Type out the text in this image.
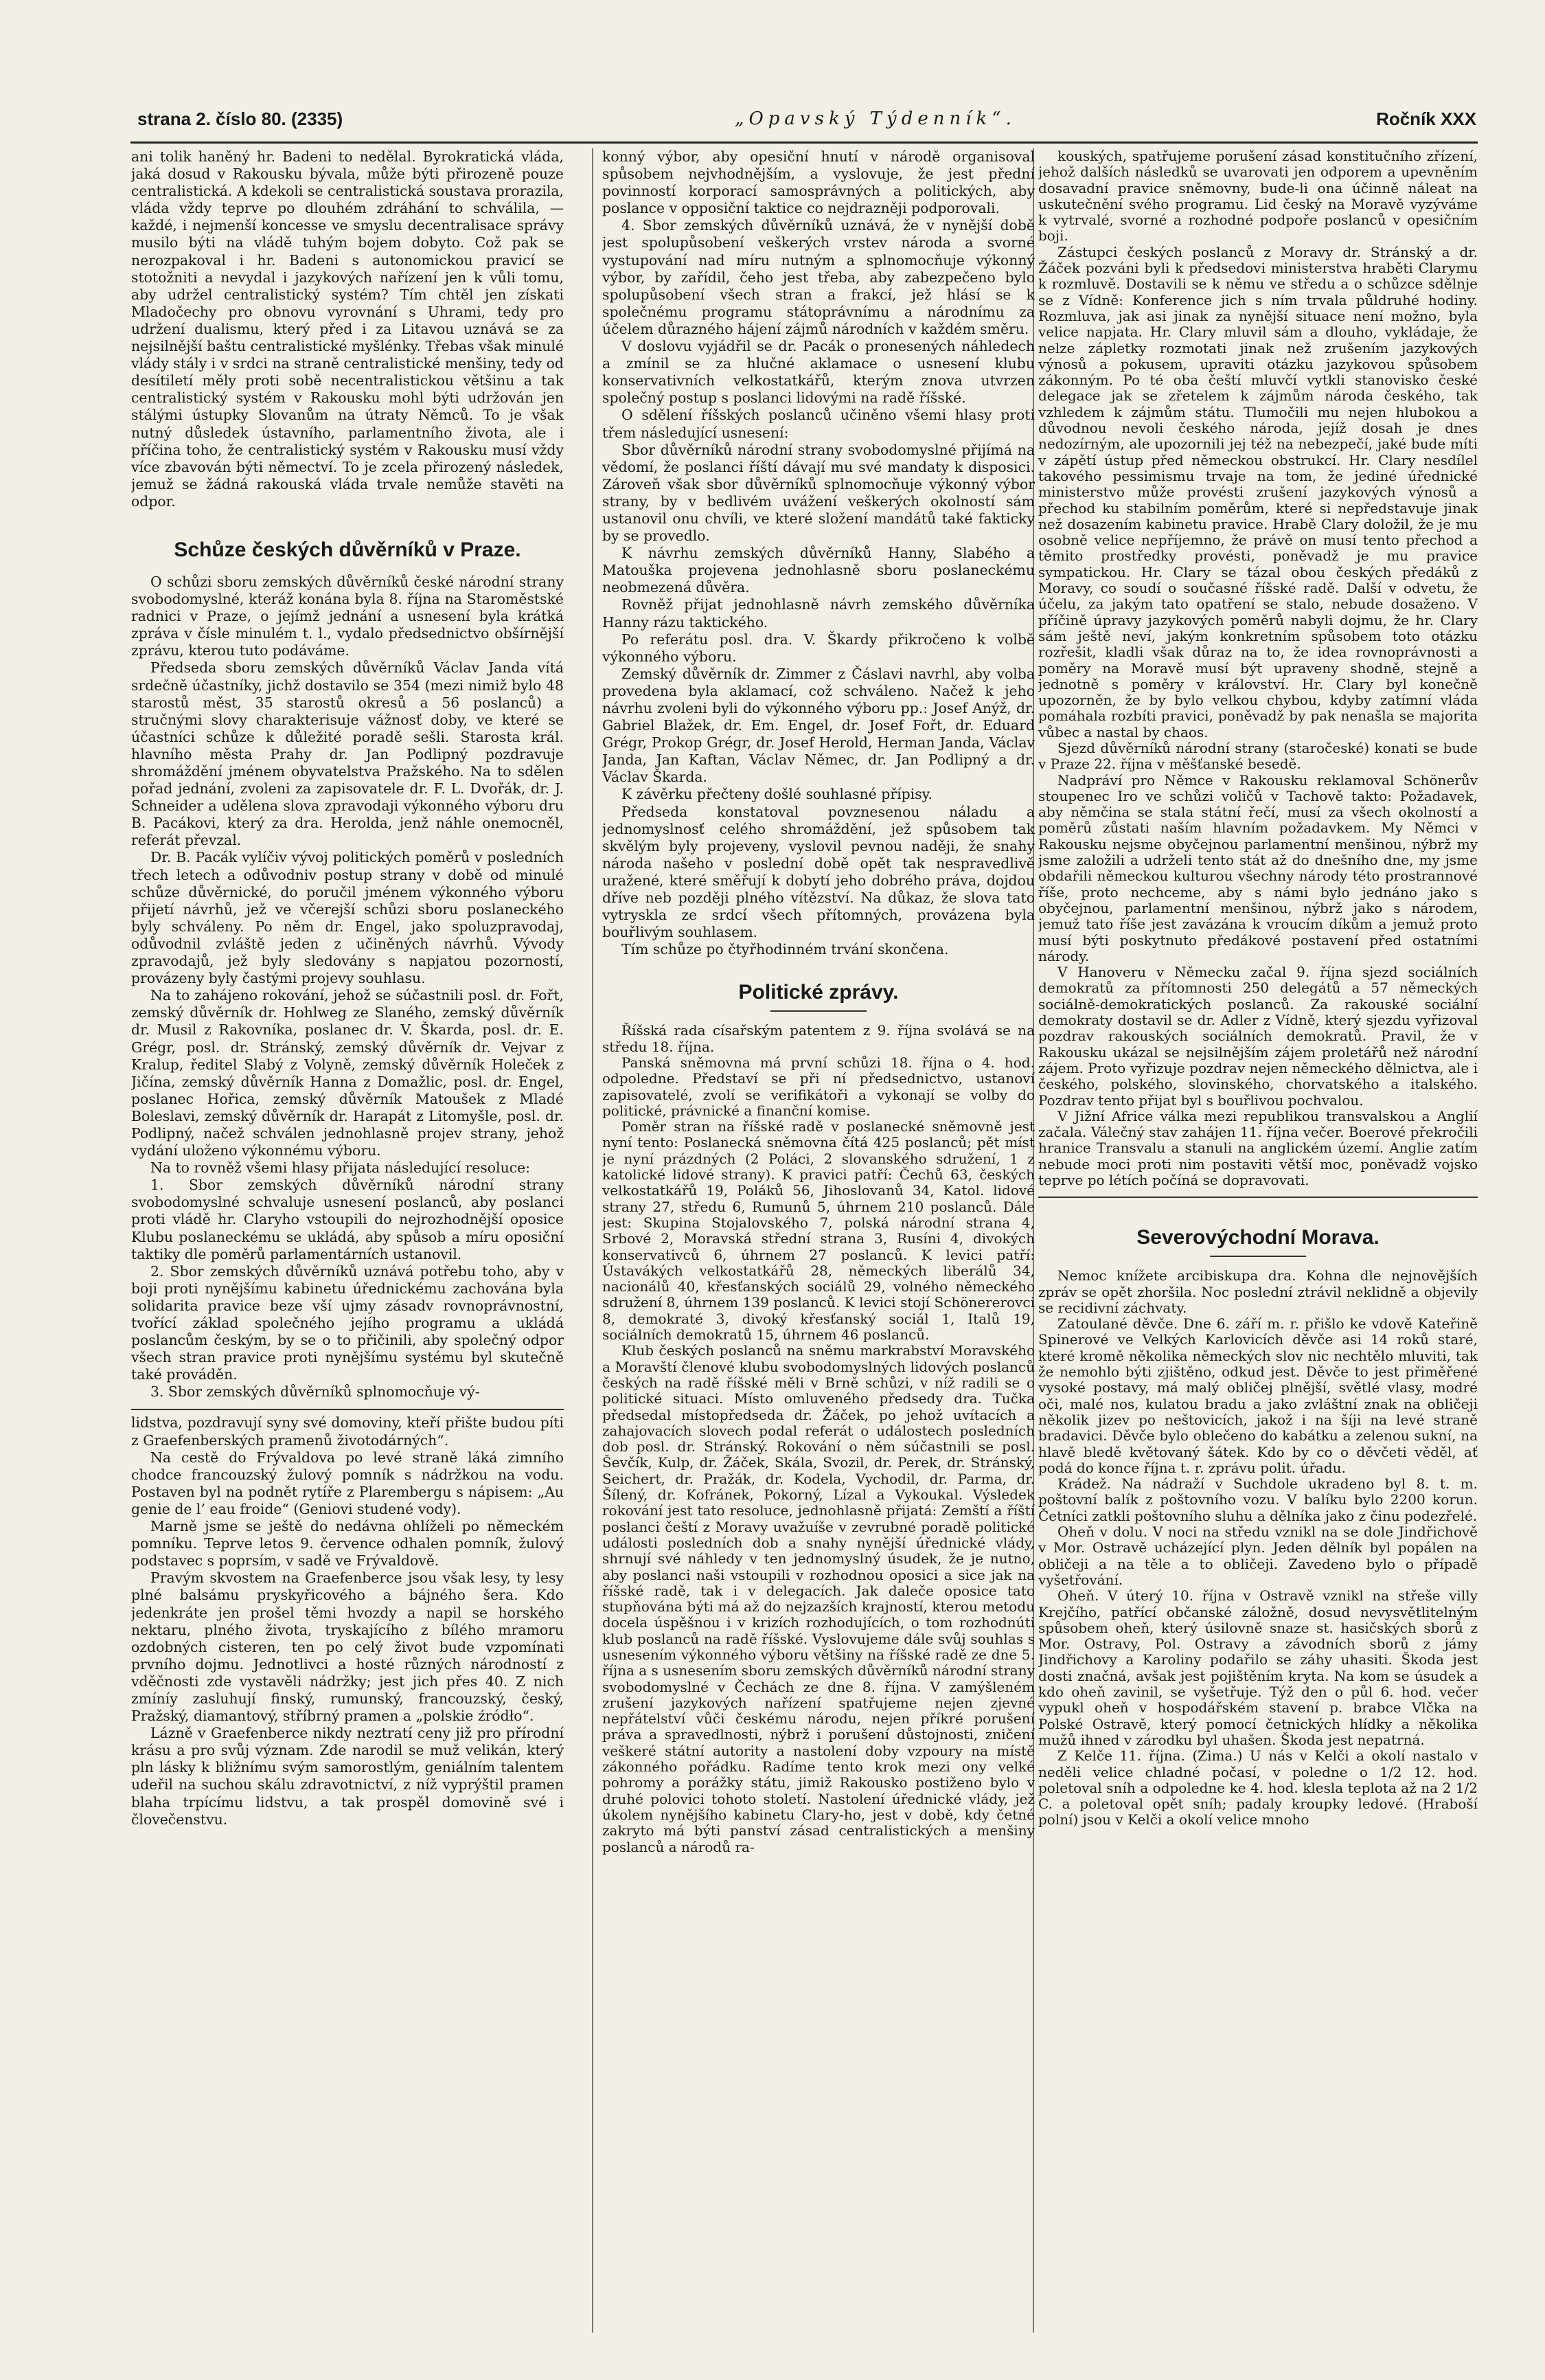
strana 2. číslo 80. (2335)	„Opavský Týdenník“.	Ročník XXX

ani tolik haněný hr. Badeni to nedělal. Byrokratická vláda, jaká dosud v Rakousku bývala, může býti přirozeně pouze centralistická. A kdekoli se centralistická soustava prorazila, vláda vždy teprve po dlouhém zdráhání to schválila, — každé, i nejmenší koncesse ve smyslu decentralisace správy musilo býti na vládě tuhým bojem dobyto. Což pak se nerozpakoval i hr. Badeni s autonomickou pravicí se stotožniti a nevydal i jazykových nařízení jen k vůli tomu, aby udržel centralistický systém? Tím chtěl jen získati Mladočechy pro obnovu vyrovnání s Uhrami, tedy pro udržení dualismu, který před i za Litavou uznává se za nejsilnější baštu centralistické myšlénky. Třebas však minulé vlády stály i v srdci na straně centralistické menšiny, tedy od desítiletí měly proti sobě necentralistickou většinu a tak centralistický systém v Rakousku mohl býti udržován jen stálými ústupky Slovanům na útraty Němců. To je však nutný důsledek ústavního, parlamentního života, ale i příčina toho, že centralistický systém v Rakousku musí vždy více zbavován býti němectví. To je zcela přirozený následek, jemuž se žádná rakouská vláda trvale nemůže stavěti na odpor.

Schůze českých důvěrníků v Praze.

O schůzi sboru zemských důvěrníků české národní strany svobodomyslné, kteráž konána byla 8. října na Staroměstské radnici v Praze, o jejímž jednání a usnesení byla krátká zpráva v čísle minulém t. l., vydalo předsednictvo obšírnější zprávu, kterou tuto podáváme.

Předseda sboru zemských důvěrníků Václav Janda vítá srdečně účastníky, jichž dostavilo se 354 (mezi nimiž bylo 48 starostů měst, 35 starostů okresů a 56 poslanců) a stručnými slovy charakterisuje vážnosť doby, ve které se účastníci schůze k důležité poradě sešli. Starosta král. hlavního města Prahy dr. Jan Podlipný pozdravuje shromáždění jménem obyvatelstva Pražského. Na to sdělen pořad jednání, zvoleni za zapisovatele dr. F. L. Dvořák, dr. J. Schneider a udělena slova zpravodaji výkonného výboru dru B. Pacákovi, který za dra. Herolda, jenž náhle onemocněl, referát převzal.

Dr. B. Pacák vylíčiv vývoj politických poměrů v posledních třech letech a odůvodniv postup strany v době od minulé schůze důvěrnické, do poručil jménem výkonného výboru přijetí návrhů, jež ve včerejší schůzi sboru poslaneckého byly schváleny. Po něm dr. Engel, jako spoluzpravodaj, odůvodnil zvláště jeden z učiněných návrhů. Vývody zpravodajů, jež byly sledovány s napjatou pozorností, provázeny byly častými projevy souhlasu.

Na to zahájeno rokování, jehož se súčastnili posl. dr. Fořt, zemský důvěrník dr. Hohlweg ze Slaného, zemský důvěrník dr. Musil z Rakovníka, poslanec dr. V. Škarda, posl. dr. E. Grégr, posl. dr. Stránský, zemský důvěrník dr. Vejvar z Kralup, ředitel Slabý z Volyně, zemský důvěrník Holeček z Jičína, zemský důvěrník Hanna z Domažlic, posl. dr. Engel, poslanec Hořica, zemský důvěrník Matoušek z Mladé Boleslavi, zemský důvěrník dr. Harapát z Litomyšle, posl. dr. Podlipný, načež schválen jednohlasně projev strany, jehož vydání uloženo výkonnému výboru.

Na to rovněž všemi hlasy přijata následující resoluce:

1. Sbor zemských důvěrníků národní strany svobodomyslné schvaluje usnesení poslanců, aby poslanci proti vládě hr. Claryho vstoupili do nejrozhodnější oposice Klubu poslaneckému se ukládá, aby spůsob a míru oposiční taktiky dle poměrů parlamentárních ustanovil.

2. Sbor zemských důvěrníků uznává potřebu toho, aby v boji proti nynějšímu kabinetu úřednickému zachována byla solidarita pravice beze vší ujmy zásadv rovnoprávnostní, tvořící základ společného jejího programu a ukládá poslancům českým, by se o to přičinili, aby společný odpor všech stran pravice proti nynějšímu systému byl skutečně také prováděn.

3. Sbor zemských důvěrníků splnomocňuje vý-

lidstva, pozdravují syny své domoviny, kteří přište budou píti z Graefenberských pramenů životodárných“.

Na cestě do Frývaldova po levé straně láká zimního chodce francouzský žulový pomník s nádržkou na vodu. Postaven byl na podnět rytíře z Plarembergu s nápisem: „Au genie de l’ eau froide“ (Geniovi studené vody).

Marně jsme se ještě do nedávna ohlíželi po německém pomníku. Teprve letos 9. července odhalen pomník, žulový podstavec s poprsím, v sadě ve Frývaldově.

Pravým skvostem na Graefenberce jsou však lesy, ty lesy plné balsámu pryskyřicového a bájného šera. Kdo jedenkráte jen prošel těmi hvozdy a napil se horského nektaru, plného života, tryskajícího z bílého mramoru ozdobných cisteren, ten po celý život bude vzpomínati prvního dojmu. Jednotlivci a hosté různých národností z vděčnosti zde vystavěli nádržky; jest jich přes 40. Z nich zmíníy zasluhují finský, rumunský, francouzský, český, Pražský, diamantový, stříbrný pramen a „polskie źródło“.

Lázně v Graefenberce nikdy neztratí ceny již pro přírodní krásu a pro svůj význam. Zde narodil se muž velikán, který pln lásky k bližnímu svým samorostlým, geniálním talentem udeřil na suchou skálu zdravotnictví, z níž vyprýštil pramen blaha trpícímu lidstvu, a tak prospěl domovině své i človečenstvu.

konný výbor, aby opesiční hnutí v národě organisoval spůsobem nejvhodnějším, a vyslovuje, že jest přední povinností korporací samosprávných a politických, aby poslance v opposiční taktice co nejdrazněji podporovali.

4. Sbor zemských důvěrníků uznává, že v nynější době jest spolupůsobení veškerých vrstev národa a svorné vystupování nad míru nutným a splnomocňuje výkonný výbor, by zařídil, čeho jest třeba, aby zabezpečeno bylo spolupůsobení všech stran a frakcí, jež hlásí se k společnému programu státoprávnímu a národnímu za účelem důrazného hájení zájmů národních v každém směru.

V doslovu vyjádřil se dr. Pacák o pronesených náhledech a zmínil se za hlučné aklamace o usnesení klubu konservativních velkostatkářů, kterým znova utvrzen společný postup s poslanci lidovými na radě říšské.

O sdělení říšských poslanců učiněno všemi hlasy proti třem následující usnesení:

Sbor důvěrníků národní strany svobodomyslné přijímá na vědomí, že poslanci říští dávají mu své mandaty k disposici. Zároveň však sbor důvěrníků splnomocňuje výkonný výbor strany, by v bedlivém uvážení veškerých okolností sám ustanovil onu chvíli, ve které složení mandátů také fakticky by se provedlo.

K návrhu zemských důvěrníků Hanny, Slabého a Matouška projevena jednohlasně sboru poslaneckému neobmezená důvěra.

Rovněž přijat jednohlasně návrh zemského důvěrníka Hanny rázu taktického.

Po referátu posl. dra. V. Škardy přikročeno k volbě výkonného výboru.

Zemský důvěrník dr. Zimmer z Čáslavi navrhl, aby volba provedena byla aklamací, což schváleno. Načež k jeho návrhu zvoleni byli do výkonného výboru pp.: Josef Anýž, dr. Gabriel Blažek, dr. Em. Engel, dr. Josef Fořt, dr. Eduard Grégr, Prokop Grégr, dr. Josef Herold, Herman Janda, Václav Janda, Jan Kaftan, Václav Němec, dr. Jan Podlipný a dr. Václav Škarda.

K závěrku přečteny došlé souhlasné přípisy.

Předseda konstatoval povznesenou náladu a jednomyslnosť celého shromáždění, jež spůsobem tak skvělým byly projeveny, vyslovil pevnou naději, že snahy národa našeho v poslední době opět tak nespravedlivě uražené, které směřují k dobytí jeho dobrého práva, dojdou dříve neb později plného vítězství. Na důkaz, že slova tato vytryskla ze srdcí všech přítomných, provázena byla bouřlivým souhlasem.

Tím schůze po čtyřhodinném trvání skončena.

Politické zprávy.

Říšská rada císařským patentem z 9. října svolává se na středu 18. října.

Panská sněmovna má první schůzi 18. října o 4. hod. odpoledne. Představí se při ní předsednictvo, ustanoví zapisovatelé, zvolí se verifikátoři a vykonají se volby do politické, právnické a finanční komise.

Poměr stran na říšské radě v poslanecké sněmovně jest nyní tento: Poslanecká sněmovna čítá 425 poslanců; pět míst je nyní prázdných (2 Poláci, 2 slovanského sdružení, 1 z katolické lidové strany). K pravici patří: Čechů 63, českých velkostatkářů 19, Poláků 56, Jihoslovanů 34, Katol. lidové strany 27, středu 6, Rumunů 5, úhrnem 210 poslanců. Dále jest: Skupina Stojalovského 7, polská národní strana 4, Srbové 2, Moravská střední strana 3, Rusíni 4, divokých konservativců 6, úhrnem 27 poslanců. K levici patří: Ústavákých velkostatkářů 28, německých liberálů 34, nacionálů 40, křesťanských sociálů 29, volného německého sdružení 8, úhrnem 139 poslanců. K levici stojí Schönererovci 8, demokraté 3, divoký křesťanský sociál 1, Italů 19, sociálních demokratů 15, úhrnem 46 poslanců.

Klub českých poslanců na sněmu markrabství Moravského a Moravští členové klubu svobodomyslných lidových poslanců českých na radě říšské měli v Brně schůzi, v níž radili se o politické situaci. Místo omluveného předsedy dra. Tučka předsedal místopředseda dr. Žáček, po jehož uvítacích a zahajovacích slovech podal referát o událostech posledních dob posl. dr. Stránský. Rokování o něm súčastnili se posl. Ševčík, Kulp, dr. Žáček, Skála, Svozil, dr. Perek, dr. Stránský, Seichert, dr. Pražák, dr. Kodela, Vychodil, dr. Parma, dr. Šílený, dr. Kofránek, Pokorný, Lízal a Vykoukal. Výsledek rokování jest tato resoluce, jednohlasně přijatá: Zemští a říští poslanci čeští z Moravy uvažuíše v zevrubné poradě politické události posledních dob a snahy nynější úřednické vlády, shrnují své náhledy v ten jednomyslný úsudek, že je nutno, aby poslanci naši vstoupili v rozhodnou oposici a sice jak na říšské radě, tak i v delegacích. Jak daleče oposice tato stupňována býti má až do nejzazších krajností, kterou metodu docela úspěšnou i v krizích rozhodujících, o tom rozhodnúti klub poslanců na radě říšské. Vyslovujeme dále svůj souhlas s usnesením výkonného výboru většiny na říšské radě ze dne 5. října a s usnesením sboru zemských důvěrníků národní strany svobodomyslné v Čechách ze dne 8. října. V zamýšleném zrušení jazykových nařízení spatřujeme nejen zjevné nepřátelství vůči českému národu, nejen příkré porušení práva a spravedlnosti, nýbrž i porušení důstojnosti, zničení veškeré státní autority a nastolení doby vzpoury na místě zákonného pořádku. Radíme tento krok mezi ony velké pohromy a porážky státu, jimiž Rakousko postiženo bylo v druhé polovici tohoto století. Nastolení úřednické vlády, jež úkolem nynějšího kabinetu Clary-ho, jest v době, kdy četné zakryto má býti panství zásad centralistických a menšiny poslanců a národů ra-

kouských, spatřujeme porušení zásad konstitučního zřízení, jehož dalších následků se uvarovati jen odporem a upevněním dosavadní pravice sněmovny, bude-li ona účinně náleat na uskutečnění svého programu. Lid český na Moravě vyzýváme k vytrvalé, svorné a rozhodné podpoře poslanců v opesičním boji.

Zástupci českých poslanců z Moravy dr. Stránský a dr. Žáček pozváni byli k předsedovi ministerstva hraběti Clarymu k rozmluvě. Dostavili se k němu ve středu a o schůzce sdělnje se z Vídně: Konference jich s ním trvala půldruhé hodiny. Rozmluva, jak asi jinak za nynější situace není možno, byla velice napjata. Hr. Clary mluvil sám a dlouho, vykládaje, že nelze zápletky rozmotati jinak než zrušením jazykových výnosů a pokusem, upraviti otázku jazykovou spůsobem zákonným. Po té oba čeští mluvčí vytkli stanovisko české delegace jak se zřetelem k zájmům národa českého, tak vzhledem k zájmům státu. Tlumočili mu nejen hlubokou a důvodnou nevoli českého národa, jejíž dosah je dnes nedozírným, ale upozornili jej též na nebezpečí, jaké bude míti v zápětí ústup před německou obstrukcí. Hr. Clary nesdílel takového pessimismu trvaje na tom, že jediné úřednické ministerstvo může provésti zrušení jazykových výnosů a přechod ku stabilním poměrům, které si nepředstavuje jinak než dosazením kabinetu pravice. Hrabě Clary doložil, že je mu osobně velice nepříjemno, že právě on musí tento přechod a těmito prostředky provésti, poněvadž je mu pravice sympatickou. Hr. Clary se tázal obou českých předáků z Moravy, co soudí o současné říšské radě. Další v odvetu, že účelu, za jakým tato opatření se stalo, nebude dosaženo. V příčině úpravy jazykových poměrů nabyli dojmu, že hr. Clary sám ještě neví, jakým konkretním spůsobem toto otázku rozřešit, kladli však důraz na to, že idea rovnoprávnosti a poměry na Moravě musí být upraveny shodně, stejně a jednotně s poměry v království. Hr. Clary byl konečně upozorněn, že by bylo velkou chybou, kdyby zatímní vláda pomáhala rozbíti pravici, poněvadž by pak nenašla se majorita vůbec a nastal by chaos.

Sjezd důvěrníků národní strany (staročeské) konati se bude v Praze 22. října v měšťanské besedě.

Nadpráví pro Němce v Rakousku reklamoval Schönerův stoupenec Iro ve schůzi voličů v Tachově takto: Požadavek, aby němčina se stala státní řečí, musí za všech okolností a poměrů zůstati naším hlavním požadavkem. My Němci v Rakousku nejsme obyčejnou parlamentní menšinou, nýbrž my jsme založili a udrželi tento stát až do dnešního dne, my jsme obdařili německou kulturou všechny národy této prostrannové říše, proto nechceme, aby s námi bylo jednáno jako s obyčejnou, parlamentní menšinou, nýbrž jako s národem, jemuž tato říše jest zavázána k vroucím díkům a jemuž proto musí býti poskytnuto předákové postavení před ostatními národy.

V Hanoveru v Německu začal 9. října sjezd sociálních demokratů za přítomnosti 250 delegátů a 57 německých sociálně-demokratických poslanců. Za rakouské sociální demokraty dostavil se dr. Adler z Vídně, který sjezdu vyřizoval pozdrav rakouských sociálních demokratů. Pravil, že v Rakousku ukázal se nejsilnějším zájem proletářů než národní zájem. Proto vyřizuje pozdrav nejen německého dělnictva, ale i českého, polského, slovinského, chorvatského a italského. Pozdrav tento přijat byl s bouřlivou pochvalou.

V Jižní Africe válka mezi republikou transvalskou a Anglií začala. Válečný stav zahájen 11. října večer. Boerové překročili hranice Transvalu a stanuli na anglickém území. Anglie zatím nebude moci proti nim postaviti větší moc, poněvadž vojsko teprve po létích počíná se dopravovati.

Severovýchodní Morava.

Nemoc knížete arcibiskupa dra. Kohna dle nejnovějších zpráv se opět zhoršila. Noc poslední ztrávil neklidně a objevily se recidivní záchvaty.

Zatoulané děvče. Dne 6. září m. r. přišlo ke vdově Kateřině Spinerové ve Velkých Karlovicích děvče asi 14 roků staré, které kromě několika německých slov nic nechtělo mluviti, tak že nemohlo býti zjištěno, odkud jest. Děvče to jest přiměřené vysoké postavy, má malý obličej plnější, světlé vlasy, modré oči, malé nos, kulatou bradu a jako zvláštní znak na obličeji několik jizev po neštovicích, jakož i na šíji na levé straně bradavici. Děvče bylo oblečeno do kabátku a zelenou sukní, na hlavě bledě květovaný šátek. Kdo by co o děvčeti věděl, ať podá do konce října t. r. zprávu polit. úřadu.

Krádež. Na nádraží v Suchdole ukradeno byl 8. t. m. poštovní balík z poštovního vozu. V balíku bylo 2200 korun. Četníci zatkli poštovního sluhu a dělníka jako z činu podezřelé.

Oheň v dolu. V noci na středu vznikl na se dole Jindřichově v Mor. Ostravě ucházející plyn. Jeden dělník byl popálen na obličeji a na těle a to obličeji. Zavedeno bylo o případě vyšetřování.

Oheň. V úterý 10. října v Ostravě vznikl na střeše villy Krejčího, patřící občanské záložně, dosud nevysvětlitelným spůsobem oheň, který úsilovně snaze st. hasičských sborů z Mor. Ostravy, Pol. Ostravy a závodních sborů z jámy Jindřichovy a Karoliny podařilo se záhy uhasiti. Škoda jest dosti značná, avšak jest pojištěním kryta. Na kom se úsudek a kdo oheň zavinil, se vyšetřuje. Týž den o půl 6. hod. večer vypukl oheň v hospodářském stavení p. brabce Vlčka na Polské Ostravě, který pomocí četnických hlídky a několika mužů ihned v zárodku byl uhašen. Škoda jest nepatrná.

Z Kelče 11. října. (Zima.) U nás v Kelči a okolí nastalo v neděli velice chladné počasí, v poledne o 1/2 12. hod. poletoval sníh a odpoledne ke 4. hod. klesla teplota až na 2 1/2 C. a poletoval opět sníh; padaly kroupky ledové. (Hraboší polní) jsou v Kelči a okolí velice mnoho
